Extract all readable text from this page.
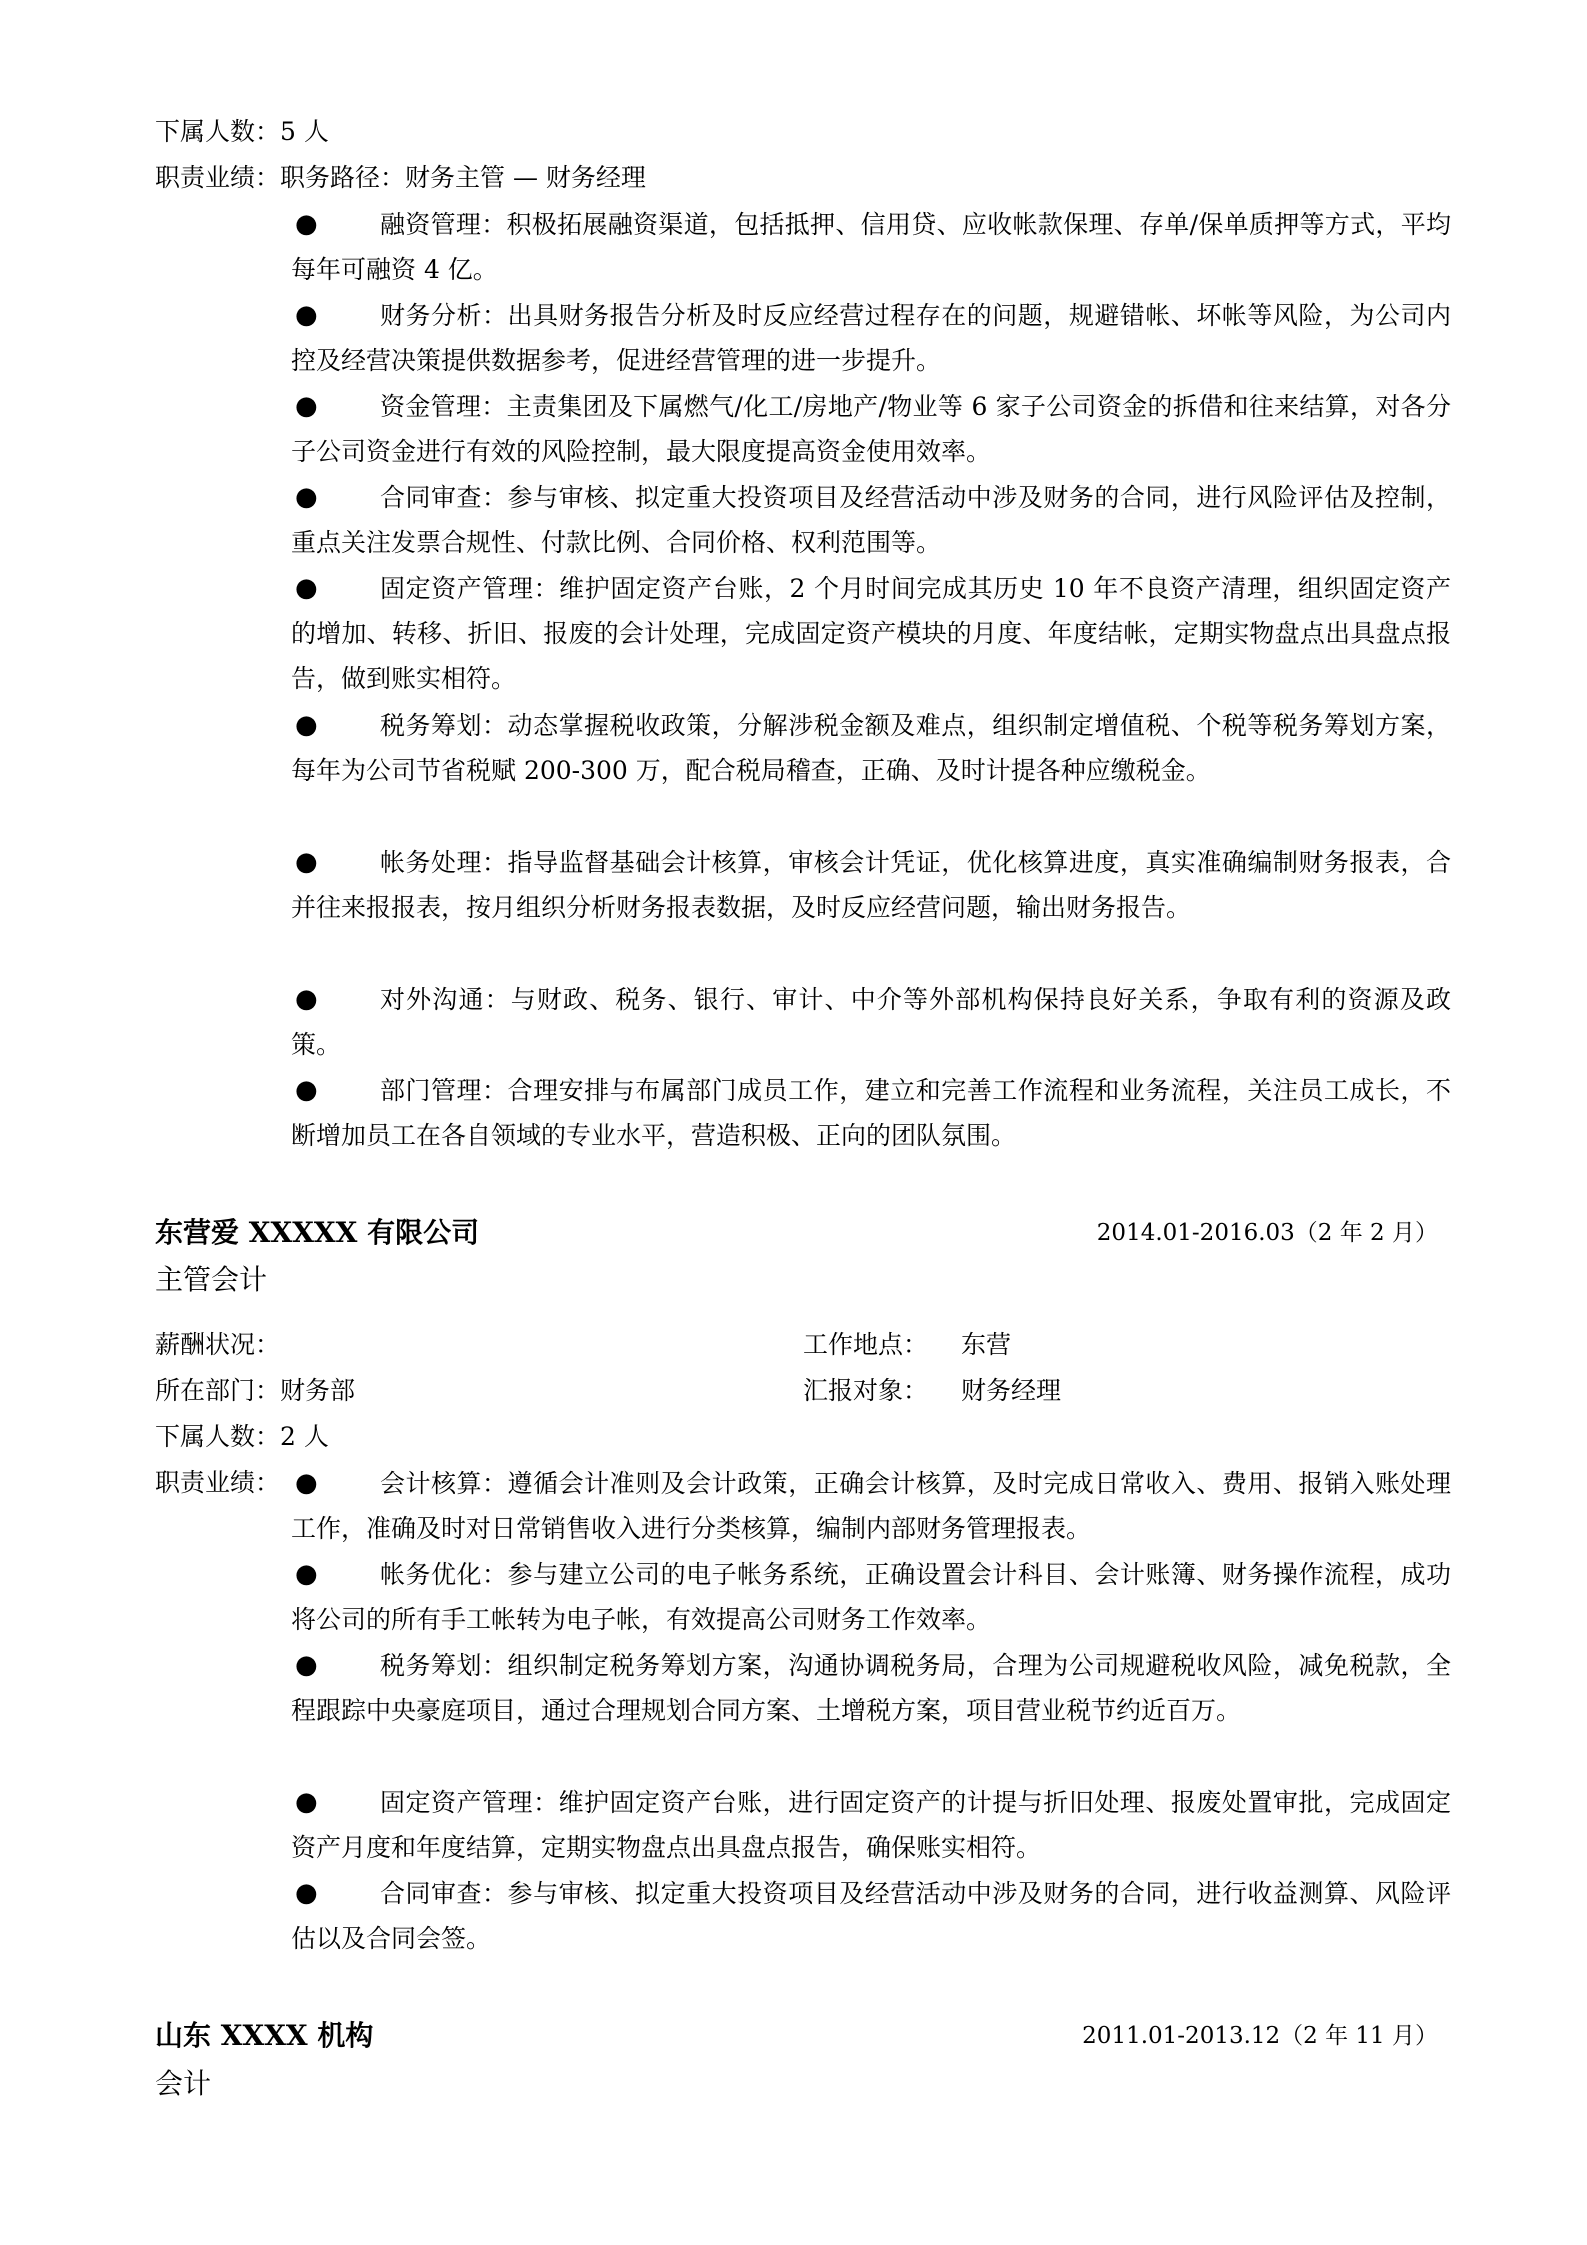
下属人数：5 人
职责业绩：职务路径：财务主管 — 财务经理
●	融资管理：积极拓展融资渠道，包括抵押、信用贷、应收帐款保理、存单/保单质押等方式，平均每年可融资 4 亿。
●	财务分析：出具财务报告分析及时反应经营过程存在的问题，规避错帐、坏帐等风险，为公司内控及经营决策提供数据参考，促进经营管理的进一步提升。
●	资金管理：主责集团及下属燃气/化工/房地产/物业等 6 家子公司资金的拆借和往来结算，对各分子公司资金进行有效的风险控制，最大限度提高资金使用效率。
●	合同审查：参与审核、拟定重大投资项目及经营活动中涉及财务的合同，进行风险评估及控制，重点关注发票合规性、付款比例、合同价格、权利范围等。
●	固定资产管理：维护固定资产台账，2 个月时间完成其历史 10 年不良资产清理，组织固定资产的增加、转移、折旧、报废的会计处理，完成固定资产模块的月度、年度结帐，定期实物盘点出具盘点报告，做到账实相符。
●	税务筹划：动态掌握税收政策，分解涉税金额及难点，组织制定增值税、个税等税务筹划方案，每年为公司节省税赋 200-300 万，配合税局稽查，正确、及时计提各种应缴税金。
●	帐务处理：指导监督基础会计核算，审核会计凭证，优化核算进度，真实准确编制财务报表，合并往来报报表，按月组织分析财务报表数据，及时反应经营问题，输出财务报告。
●	对外沟通：与财政、税务、银行、审计、中介等外部机构保持良好关系，争取有利的资源及政策。
●	部门管理：合理安排与布属部门成员工作，建立和完善工作流程和业务流程，关注员工成长，不断增加员工在各自领域的专业水平，营造积极、正向的团队氛围。
东营爱 XXXXX 有限公司	2014.01-2016.03（2 年 2 月）
主管会计
薪酬状况：	工作地点： 东营
所在部门：财务部	汇报对象： 财务经理
下属人数：2 人
职责业绩： ●	会计核算：遵循会计准则及会计政策，正确会计核算，及时完成日常收入、费用、报销入账处理工作，准确及时对日常销售收入进行分类核算，编制内部财务管理报表。
●	帐务优化：参与建立公司的电子帐务系统，正确设置会计科目、会计账簿、财务操作流程，成功将公司的所有手工帐转为电子帐，有效提高公司财务工作效率。
●	税务筹划：组织制定税务筹划方案，沟通协调税务局，合理为公司规避税收风险，减免税款，全程跟踪中央豪庭项目，通过合理规划合同方案、土增税方案，项目营业税节约近百万。
●	固定资产管理：维护固定资产台账，进行固定资产的计提与折旧处理、报废处置审批，完成固定资产月度和年度结算，定期实物盘点出具盘点报告，确保账实相符。
●	合同审查：参与审核、拟定重大投资项目及经营活动中涉及财务的合同，进行收益测算、风险评估以及合同会签。
山东 XXXX 机构	2011.01-2013.12（2 年 11 月）
会计
